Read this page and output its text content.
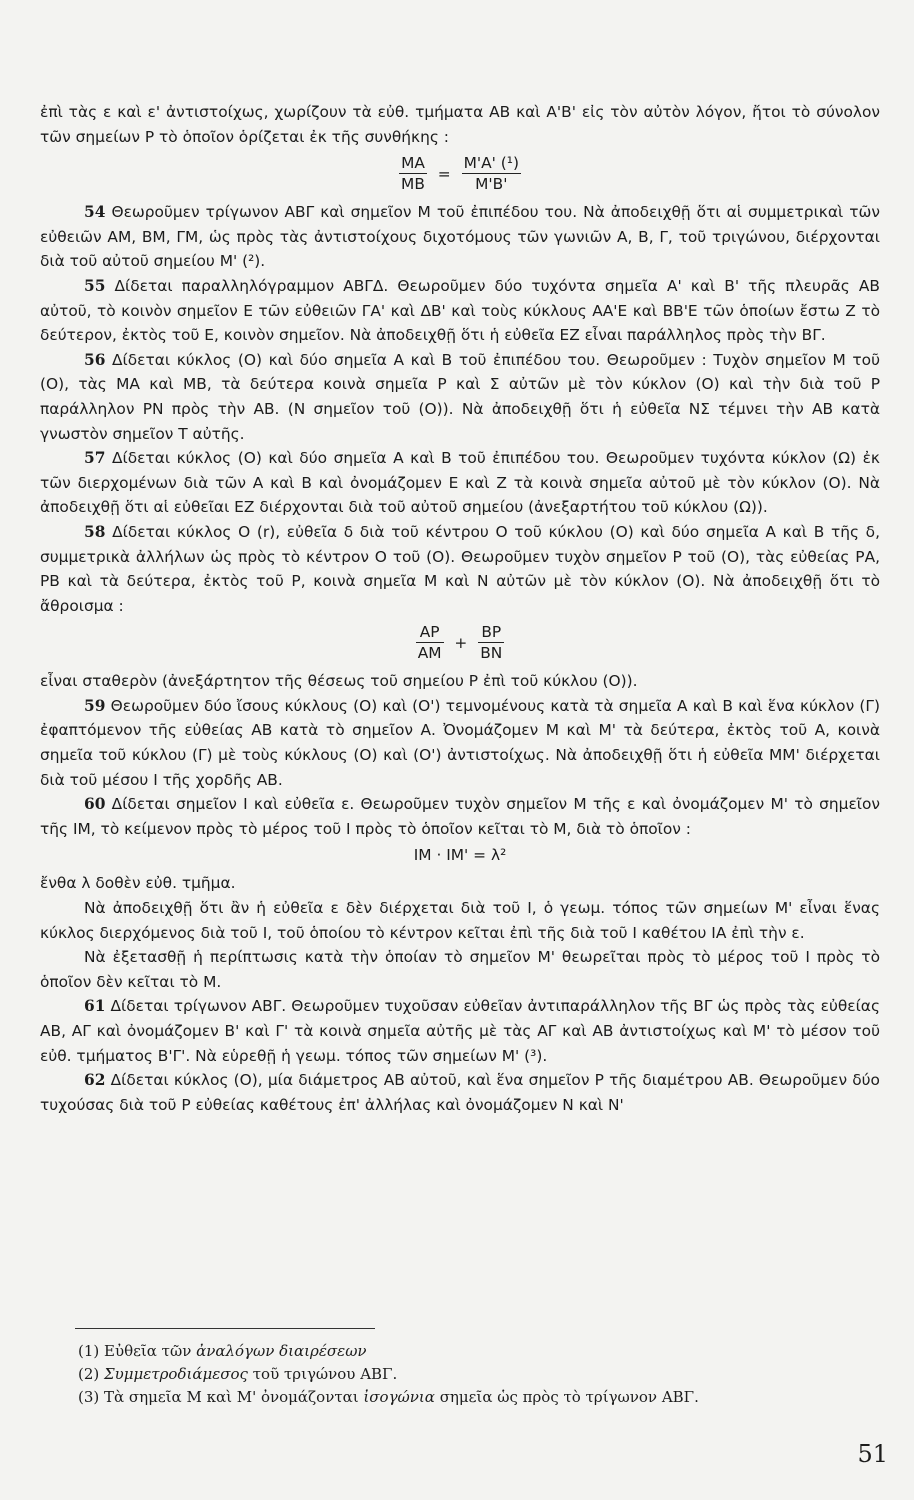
ἐπὶ τὰς ε καὶ ε' ἀντιστοίχως, χωρίζουν τὰ εὐθ. τμήματα ΑΒ καὶ Α'Β' εἰς τὸν αὐτὸν λόγον, ἤτοι τὸ σύνολον τῶν σημείων Ρ τὸ ὁποῖον ὁρίζεται ἐκ τῆς συνθήκης :

$\frac{MA}{MB} = \frac{\text{Μ'Α' (¹)}}{M'B'}$

54 Θεωροῦμεν τρίγωνον ΑΒΓ καὶ σημεῖον Μ τοῦ ἐπιπέδου του. Νὰ ἀποδειχθῇ ὅτι αἱ συμμετρικαὶ τῶν εὐθειῶν ΑΜ, ΒΜ, ΓΜ, ὡς πρὸς τὰς ἀντιστοίχους διχοτόμους τῶν γωνιῶν Α, Β, Γ, τοῦ τριγώνου, διέρχονται διὰ τοῦ αὐτοῦ σημείου Μ' (²).

55 Δίδεται παραλληλόγραμμον ΑΒΓΔ. Θεωροῦμεν δύο τυχόντα σημεῖα Α' καὶ Β' τῆς πλευρᾶς ΑΒ αὐτοῦ, τὸ κοινὸν σημεῖον Ε τῶν εὐθειῶν ΓΑ' καὶ ΔΒ' καὶ τοὺς κύκλους ΑΑ'Ε καὶ ΒΒ'Ε τῶν ὁποίων ἔστω Ζ τὸ δεύτερον, ἐκτὸς τοῦ Ε, κοινὸν σημεῖον. Νὰ ἀποδειχθῇ ὅτι ἡ εὐθεῖα ΕΖ εἶναι παράλληλος πρὸς τὴν ΒΓ.

56 Δίδεται κύκλος (Ο) καὶ δύο σημεῖα Α καὶ Β τοῦ ἐπιπέδου του. Θεωροῦμεν : Τυχὸν σημεῖον Μ τοῦ (Ο), τὰς ΜΑ καὶ ΜΒ, τὰ δεύτερα κοινὰ σημεῖα Ρ καὶ Σ αὐτῶν μὲ τὸν κύκλον (Ο) καὶ τὴν διὰ τοῦ Ρ παράλληλον ΡΝ πρὸς τὴν ΑΒ. (Ν σημεῖον τοῦ (Ο)). Νὰ ἀποδειχθῇ ὅτι ἡ εὐθεῖα ΝΣ τέμνει τὴν ΑΒ κατὰ γνωστὸν σημεῖον Τ αὐτῆς.

57 Δίδεται κύκλος (Ο) καὶ δύο σημεῖα Α καὶ Β τοῦ ἐπιπέδου του. Θεωροῦμεν τυχόντα κύκλον (Ω) ἐκ τῶν διερχομένων διὰ τῶν Α καὶ Β καὶ ὀνομάζομεν Ε καὶ Ζ τὰ κοινὰ σημεῖα αὐτοῦ μὲ τὸν κύκλον (Ο). Νὰ ἀποδειχθῇ ὅτι αἱ εὐθεῖαι ΕΖ διέρχονται διὰ τοῦ αὐτοῦ σημείου (ἀνεξαρτήτου τοῦ κύκλου (Ω)).

58 Δίδεται κύκλος Ο (r), εὐθεῖα δ διὰ τοῦ κέντρου Ο τοῦ κύκλου (Ο) καὶ δύο σημεῖα Α καὶ Β τῆς δ, συμμετρικὰ ἀλλήλων ὡς πρὸς τὸ κέντρον Ο τοῦ (Ο). Θεωροῦμεν τυχὸν σημεῖον Ρ τοῦ (Ο), τὰς εὐθείας ΡΑ, ΡΒ καὶ τὰ δεύτερα, ἐκτὸς τοῦ Ρ, κοινὰ σημεῖα Μ καὶ Ν αὐτῶν μὲ τὸν κύκλον (Ο). Νὰ ἀποδειχθῇ ὅτι τὸ ἄθροισμα :

$\frac{AP}{AM} + \frac{BP}{BN}$

εἶναι σταθερὸν (ἀνεξάρτητον τῆς θέσεως τοῦ σημείου Ρ ἐπὶ τοῦ κύκλου (Ο)).

59 Θεωροῦμεν δύο ἴσους κύκλους (Ο) καὶ (Ο') τεμνομένους κατὰ τὰ σημεῖα Α καὶ Β καὶ ἕνα κύκλον (Γ) ἐφαπτόμενον τῆς εὐθείας ΑΒ κατὰ τὸ σημεῖον Α. Ὀνομάζομεν Μ καὶ Μ' τὰ δεύτερα, ἐκτὸς τοῦ Α, κοινὰ σημεῖα τοῦ κύκλου (Γ) μὲ τοὺς κύκλους (Ο) καὶ (Ο') ἀντιστοίχως. Νὰ ἀποδειχθῇ ὅτι ἡ εὐθεῖα ΜΜ' διέρχεται διὰ τοῦ μέσου Ι τῆς χορδῆς ΑΒ.

60 Δίδεται σημεῖον Ι καὶ εὐθεῖα ε. Θεωροῦμεν τυχὸν σημεῖον Μ τῆς ε καὶ ὀνομάζομεν Μ' τὸ σημεῖον τῆς ΙΜ, τὸ κείμενον πρὸς τὸ μέρος τοῦ Ι πρὸς τὸ ὁποῖον κεῖται τὸ Μ, διὰ τὸ ὁποῖον :

ΙΜ · ΙΜ' = λ²

ἔνθα λ δοθὲν εὐθ. τμῆμα.

Νὰ ἀποδειχθῇ ὅτι ἂν ἡ εὐθεῖα ε δὲν διέρχεται διὰ τοῦ Ι, ὁ γεωμ. τόπος τῶν σημείων Μ' εἶναι ἕνας κύκλος διερχόμενος διὰ τοῦ Ι, τοῦ ὁποίου τὸ κέντρον κεῖται ἐπὶ τῆς διὰ τοῦ Ι καθέτου ΙΑ ἐπὶ τὴν ε.

Νὰ ἐξετασθῇ ἡ περίπτωσις κατὰ τὴν ὁποίαν τὸ σημεῖον Μ' θεωρεῖται πρὸς τὸ μέρος τοῦ Ι πρὸς τὸ ὁποῖον δὲν κεῖται τὸ Μ.

61 Δίδεται τρίγωνον ΑΒΓ. Θεωροῦμεν τυχοῦσαν εὐθεῖαν ἀντιπαράλληλον τῆς ΒΓ ὡς πρὸς τὰς εὐθείας ΑΒ, ΑΓ καὶ ὀνομάζομεν Β' καὶ Γ' τὰ κοινὰ σημεῖα αὐτῆς μὲ τὰς ΑΓ καὶ ΑΒ ἀντιστοίχως καὶ Μ' τὸ μέσον τοῦ εὐθ. τμήματος Β'Γ'. Νὰ εὑρεθῇ ἡ γεωμ. τόπος τῶν σημείων Μ' (³).

62 Δίδεται κύκλος (Ο), μία διάμετρος ΑΒ αὐτοῦ, καὶ ἕνα σημεῖον Ρ τῆς διαμέτρου ΑΒ. Θεωροῦμεν δύο τυχούσας διὰ τοῦ Ρ εὐθείας καθέτους ἐπ' ἀλλήλας καὶ ὀνομάζομεν Ν καὶ Ν'

(1) Εὐθεῖα τῶν ἀναλόγων διαιρέσεων
(2) Συμμετροδιάμεσος τοῦ τριγώνου ΑΒΓ.
(3) Τὰ σημεῖα Μ καὶ Μ' ὀνομάζονται ἰσογώνια σημεῖα ὡς πρὸς τὸ τρίγωνον ΑΒΓ.
51
